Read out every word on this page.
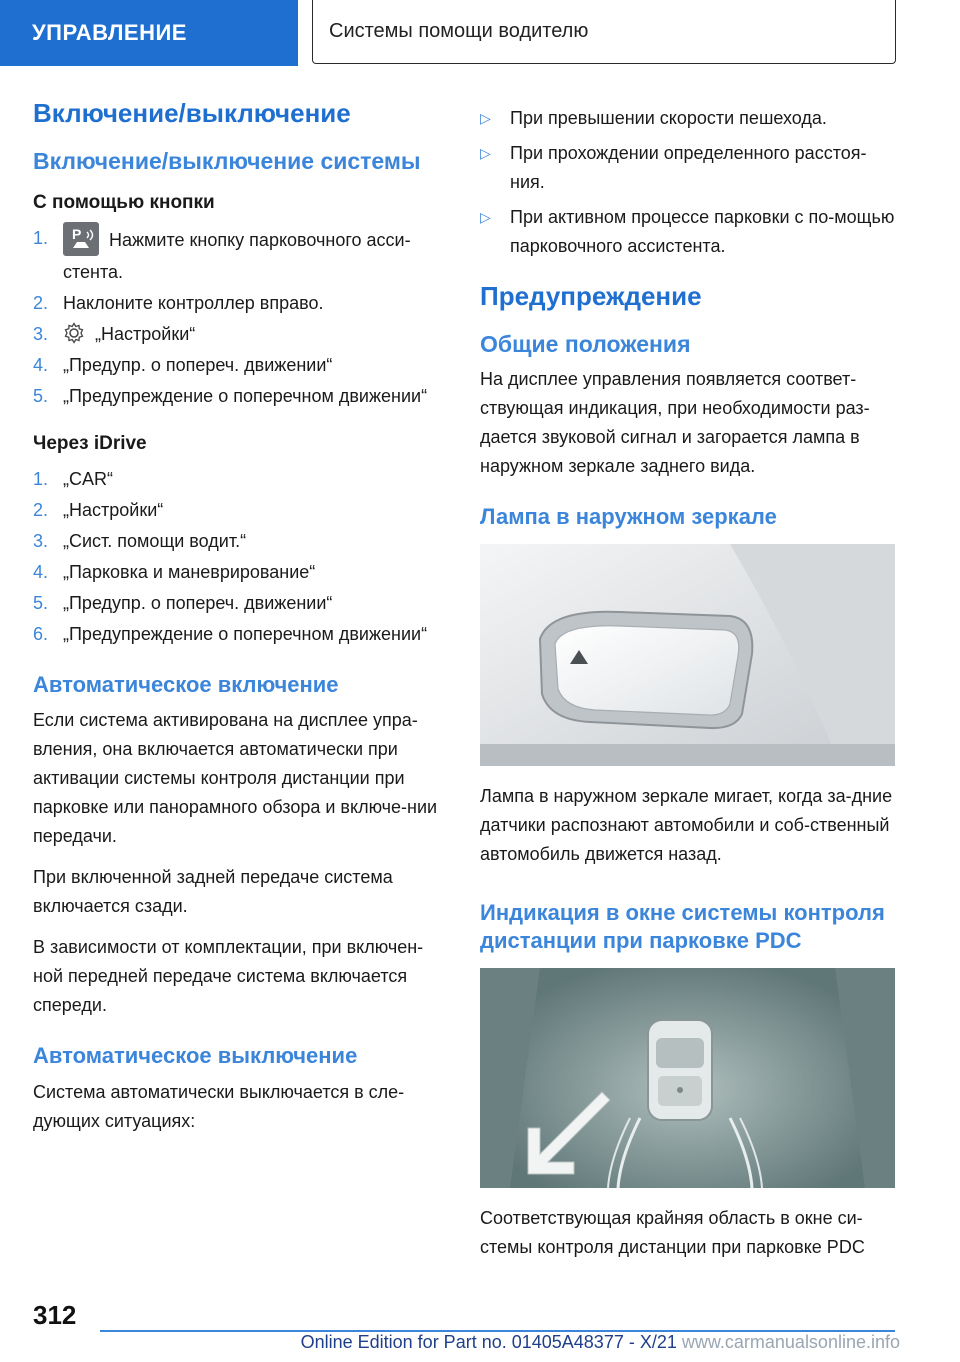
УПРАВЛЕНИЕ	Системы помощи водителю
Включение/выключение
Включение/выключение системы
С помощью кнопки
1. P Нажмите кнопку парковочного асси-стента.
2. Наклоните контроллер вправо.
3.	„Настройки“
4. „Предупр. о попереч. движении“
5. „Предупреждение о поперечном движении“
Через iDrive
1. „CAR“
2. „Настройки“
3. „Сист. помощи водит.“
4. „Парковка и маневрирование“
5. „Предупр. о попереч. движении“
6. „Предупреждение о поперечном движении“
Автоматическое включение

Если система активирована на дисплее упра-вления, она включается автоматически при активации системы контроля дистанции при парковке или панорамного обзора и включе-нии передачи.

При включенной задней передаче система включается сзади.

В зависимости от комплектации, при включен-ной передней передаче система включается спереди.

Автоматическое выключение

Система автоматически выключается в сле-дующих ситуациях:

▷ При превышении скорости пешехода.
▷ При прохождении определенного расстоя-ния.
▷ При активном процессе парковки с по-мощью парковочного ассистента.
Предупреждение
Общие положения

На дисплее управления появляется соответ-ствующая индикация, при необходимости раз-дается звуковой сигнал и загорается лампа в наружном зеркале заднего вида.

Лампа в наружном зеркале

Лампа в наружном зеркале мигает, когда за-дние датчики распознают автомобили и соб-ственный автомобиль движется назад.

Индикация в окне системы контроля дистанции при парковке PDC

Соответствующая крайняя область в окне си-стемы контроля дистанции при парковке PDC

312
Online Edition for Part no. 01405A48377 - X/21 www.carmanualsonline.info
